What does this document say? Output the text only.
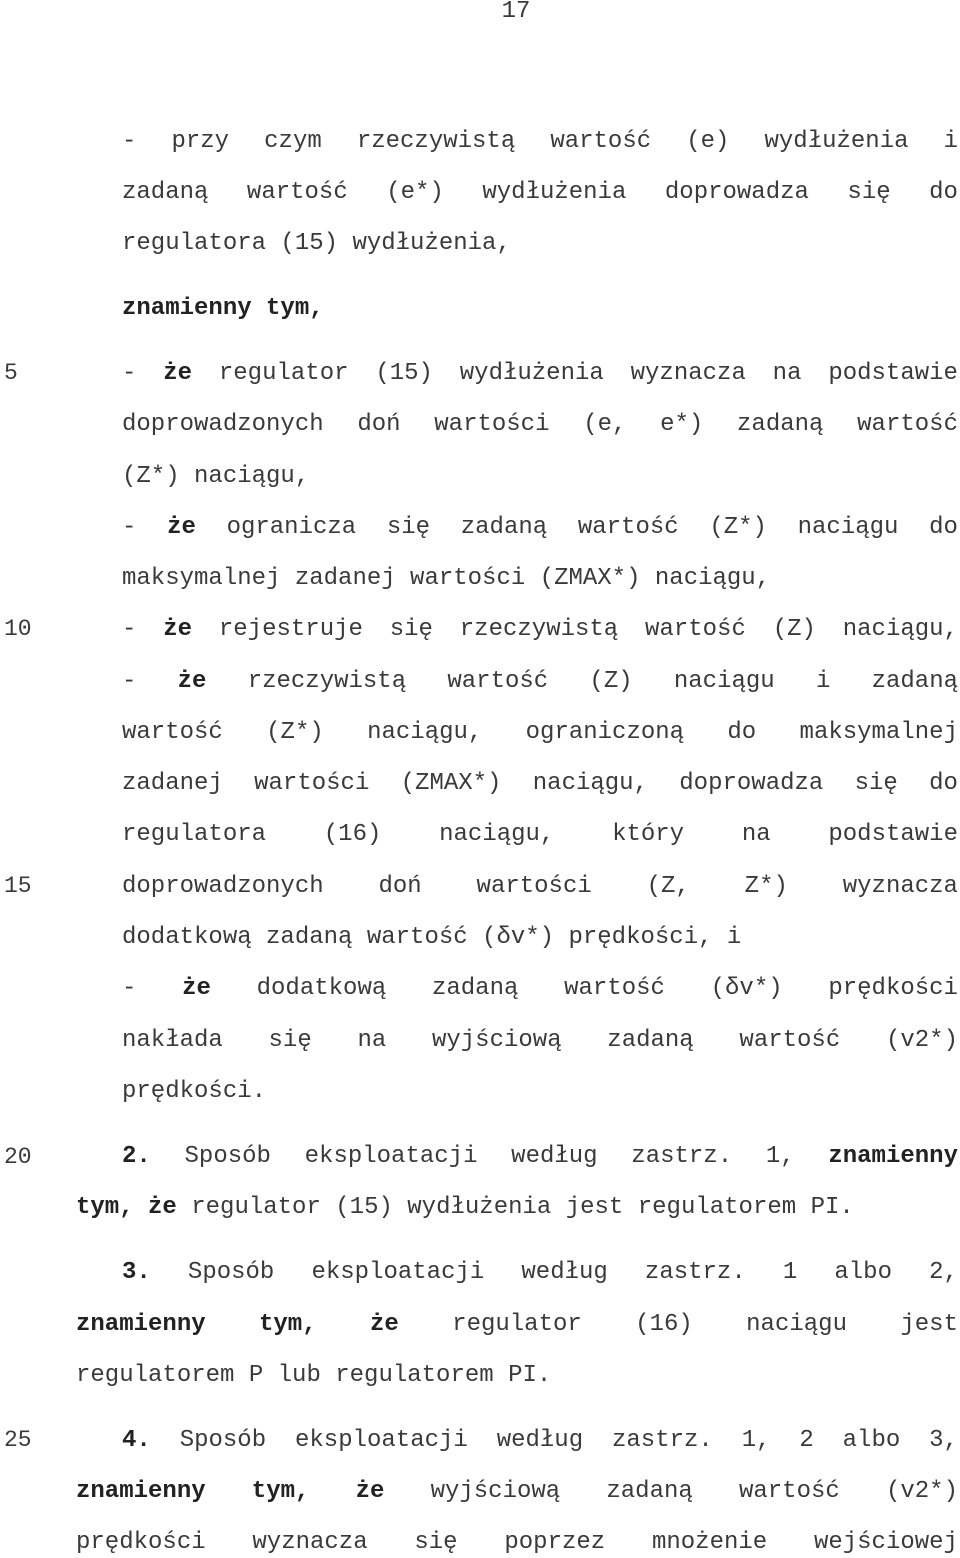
17
5
10
15
20
25
- przy czym rzeczywistą wartość (e) wydłużenia i
zadaną wartość (e*) wydłużenia doprowadza się do
regulatora (15) wydłużenia,
znamienny tym,
- że regulator (15) wydłużenia wyznacza na podstawie
doprowadzonych doń wartości (e, e*) zadaną wartość
(Z*) naciągu,
- że ogranicza się zadaną wartość (Z*) naciągu do
maksymalnej zadanej wartości (ZMAX*) naciągu,
- że rejestruje się rzeczywistą wartość (Z) naciągu,
- że rzeczywistą wartość (Z) naciągu i zadaną
wartość (Z*) naciągu, ograniczoną do maksymalnej
zadanej wartości (ZMAX*) naciągu, doprowadza się do
regulatora (16) naciągu, który na podstawie
doprowadzonych doń wartości (Z, Z*) wyznacza
dodatkową zadaną wartość (δv*) prędkości, i
- że dodatkową zadaną wartość (δv*) prędkości
nakłada się na wyjściową zadaną wartość (v2*)
prędkości.
2. Sposób eksploatacji według zastrz. 1, znamienny
tym, że regulator (15) wydłużenia jest regulatorem PI.
3. Sposób eksploatacji według zastrz. 1 albo 2,
znamienny tym, że regulator (16) naciągu jest
regulatorem P lub regulatorem PI.
4. Sposób eksploatacji według zastrz. 1, 2 albo 3,
znamienny tym, że wyjściową zadaną wartość (v2*)
prędkości wyznacza się poprzez mnożenie wejściowej
